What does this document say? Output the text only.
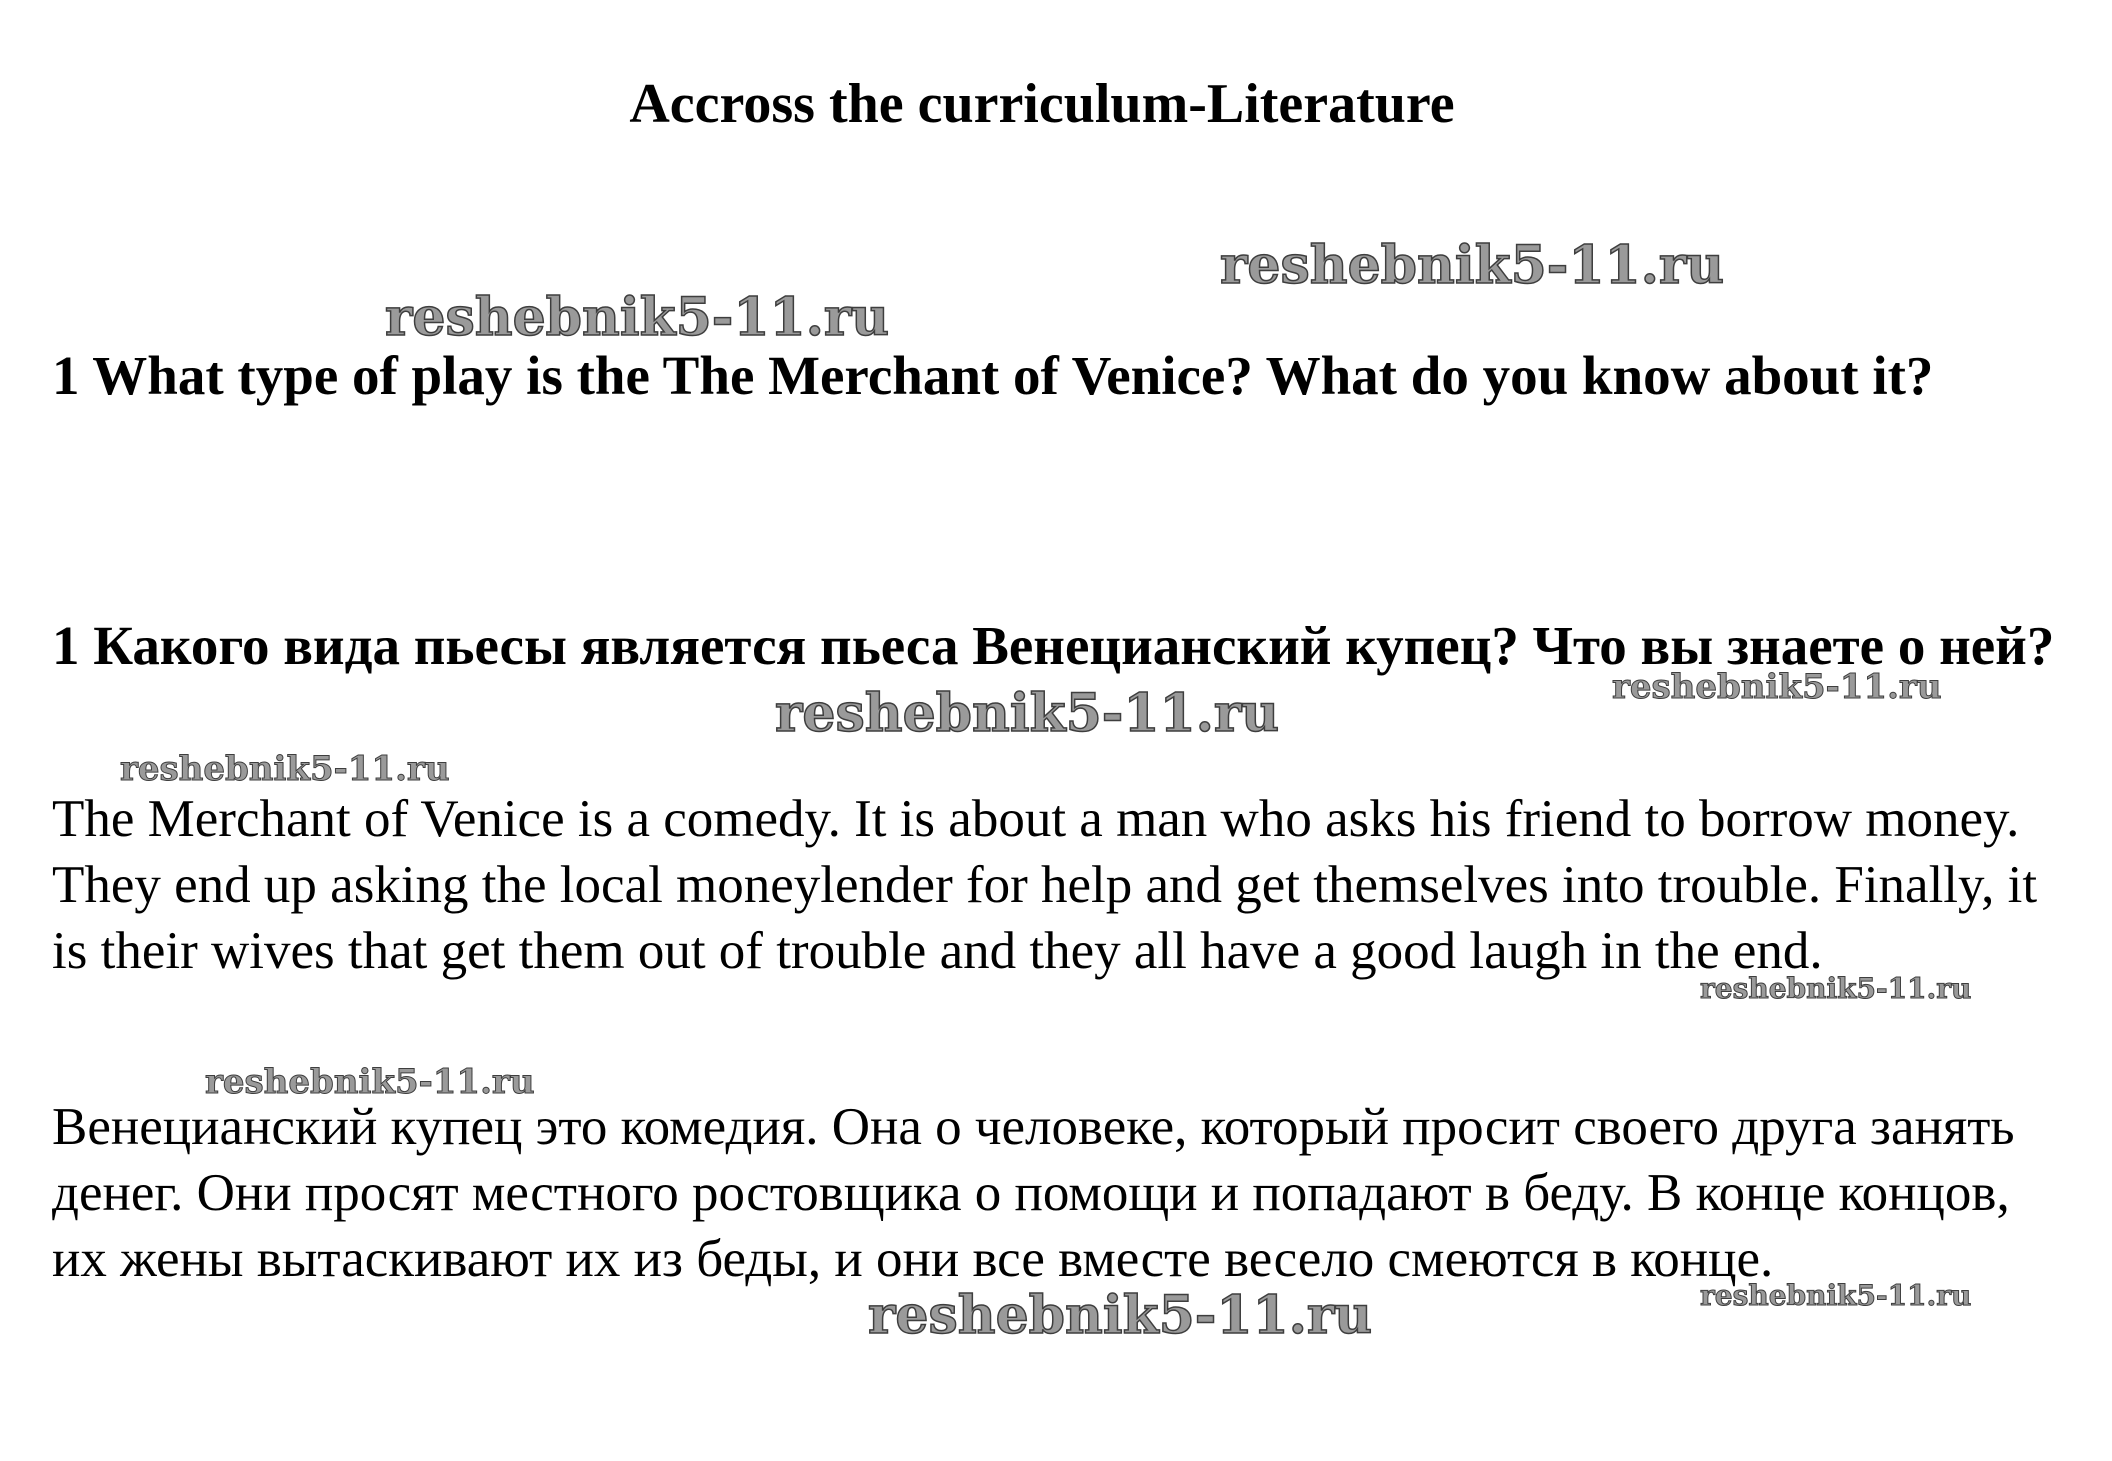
Accross the curriculum-Literature

1 What type of play is the The Merchant of Venice? What do you know about it?

1 Какого вида пьесы является пьеса Венецианский купец? Что вы знаете о ней?

The Merchant of Venice is a comedy. It is about a man who asks his friend to borrow money. They end up asking the local moneylender for help and get themselves into trouble. Finally, it is their wives that get them out of trouble and they all have a good laugh in the end.

Венецианский купец это комедия. Она о человеке, который просит своего друга занять денег. Они просят местного ростовщика о помощи и попадают в беду. В конце концов, их жены вытаскивают их из беды, и они все вместе весело смеются в конце.

reshebnik5-11.ru
reshebnik5-11.ru
reshebnik5-11.ru	reshebnik5-11.ru
reshebnik5-11.ru
reshebnik5-11.ru
reshebnik5-11.ru
reshebnik5-11.ru	reshebnik5-11.ru
